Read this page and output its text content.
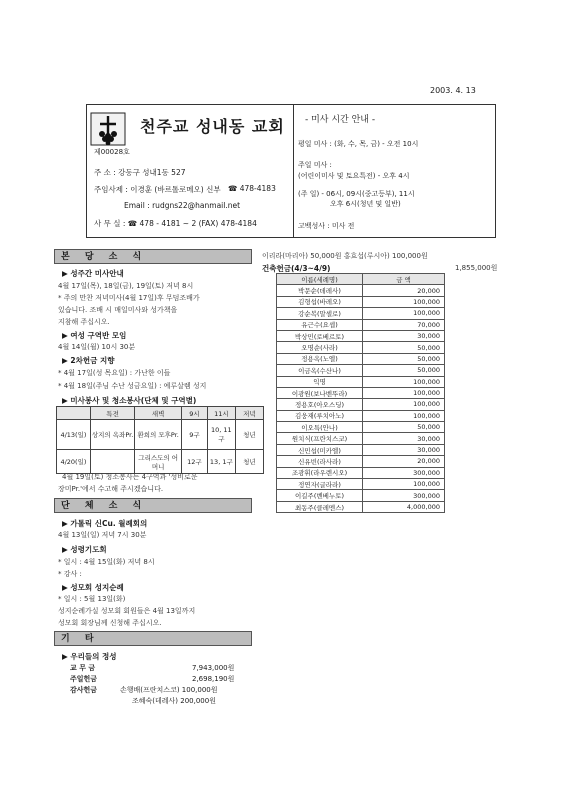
2003. 4. 13
천주교 성내동 교회
제00028호
주 소 : 강동구 성내1동 527
주임사제 : 이경훈 (바르톨로메오) 신부 ☎ 478-4183
Email : rudgns22@hanmail.net
사 무 실 : ☎ 478 - 4181 ~ 2 (FAX) 478-4184
- 미사 시간 안내 -
평일 미사 : (화, 수, 목, 금) - 오전 10시
주일 미사 :
(어린이미사 및 토요특전) - 오후 4시
(주 일) - 06시, 09시(중고등부), 11시
오후 6시(청년 및 일반)
고백성사 : 미사 전
본 당 소 식
▶ 성주간 미사안내
4월 17일(목), 18일(금), 19일(토) 저녁 8시
* 주의 만찬 저녁미사(4월 17일)후 무덤조배가
있습니다. 조배 시 매일미사와 성가책을
지참해 주십시오.
▶ 여성 구역반 모임
4월 14일(월) 10시 30분
▶ 2차헌금 지향
* 4월 17일(성 목요일) : 가난한 이들
* 4월 18일(주님 수난 성금요일) : 예루살렘 성지
▶ 미사봉사 및 청소봉사(단체 및 구역별)
	특전	새벽	9시	11시	저녁
4/13(일)	상지의 옥좌Pr.	환희의 모후Pr.	9구	10, 11구	청년
4/20(일)		그리스도의 어머니	12구	13, 1구	청년
4월 19일(토) 청소봉사는 4구역과 '성비로운
장미Pr.'에서 수고해 주시겠습니다.
단 체 소 식
▶ 가톨릭 신Cu. 월례회의
4월 13일(일) 저녁 7시 30분
▶ 성령기도회
* 일시 : 4월 15일(화) 저녁 8시
* 강사 :
▶ 성모회 성지순례
* 일시 : 5월 13일(화)
성지순례가실 성모회 회원들은 4월 13일까지
성모회 회장님께 신청해 주십시오.
기 타
▶ 우리들의 정성
교 무 금	7,943,000원
주일헌금	2,698,190원
감사헌금	손행배(프란치스코) 100,000원
조혜숙(데레사) 200,000원
이리라(마리아) 50,000원 홍효섭(루시아) 100,000원
건축헌금(4/3~4/9)	1,855,000원
이름(세례명)	금 액
박문순(데레사)	20,000
김형섭(바레오)	100,000
강순복(말셀로)	100,000
유근수(요셉)	70,000
박상민(로베르토)	30,000
오명순(사라)	50,000
정용옥(노엘)	50,000
이금옥(수산나)	50,000
익명	100,000
이광원(보나벤뚜라)	100,000
정용호(아오스딩)	100,000
김웅재(루치아노)	100,000
이오특(안나)	50,000
원치식(프란치스코)	30,000
신민섭(미카엘)	30,000
신유빈(라사라)	20,000
조광휘(라우렌시오)	300,000
정연자(글라라)	100,000
이길주(벤베누토)	300,000
최동주(클레멘스)	4,000,000
